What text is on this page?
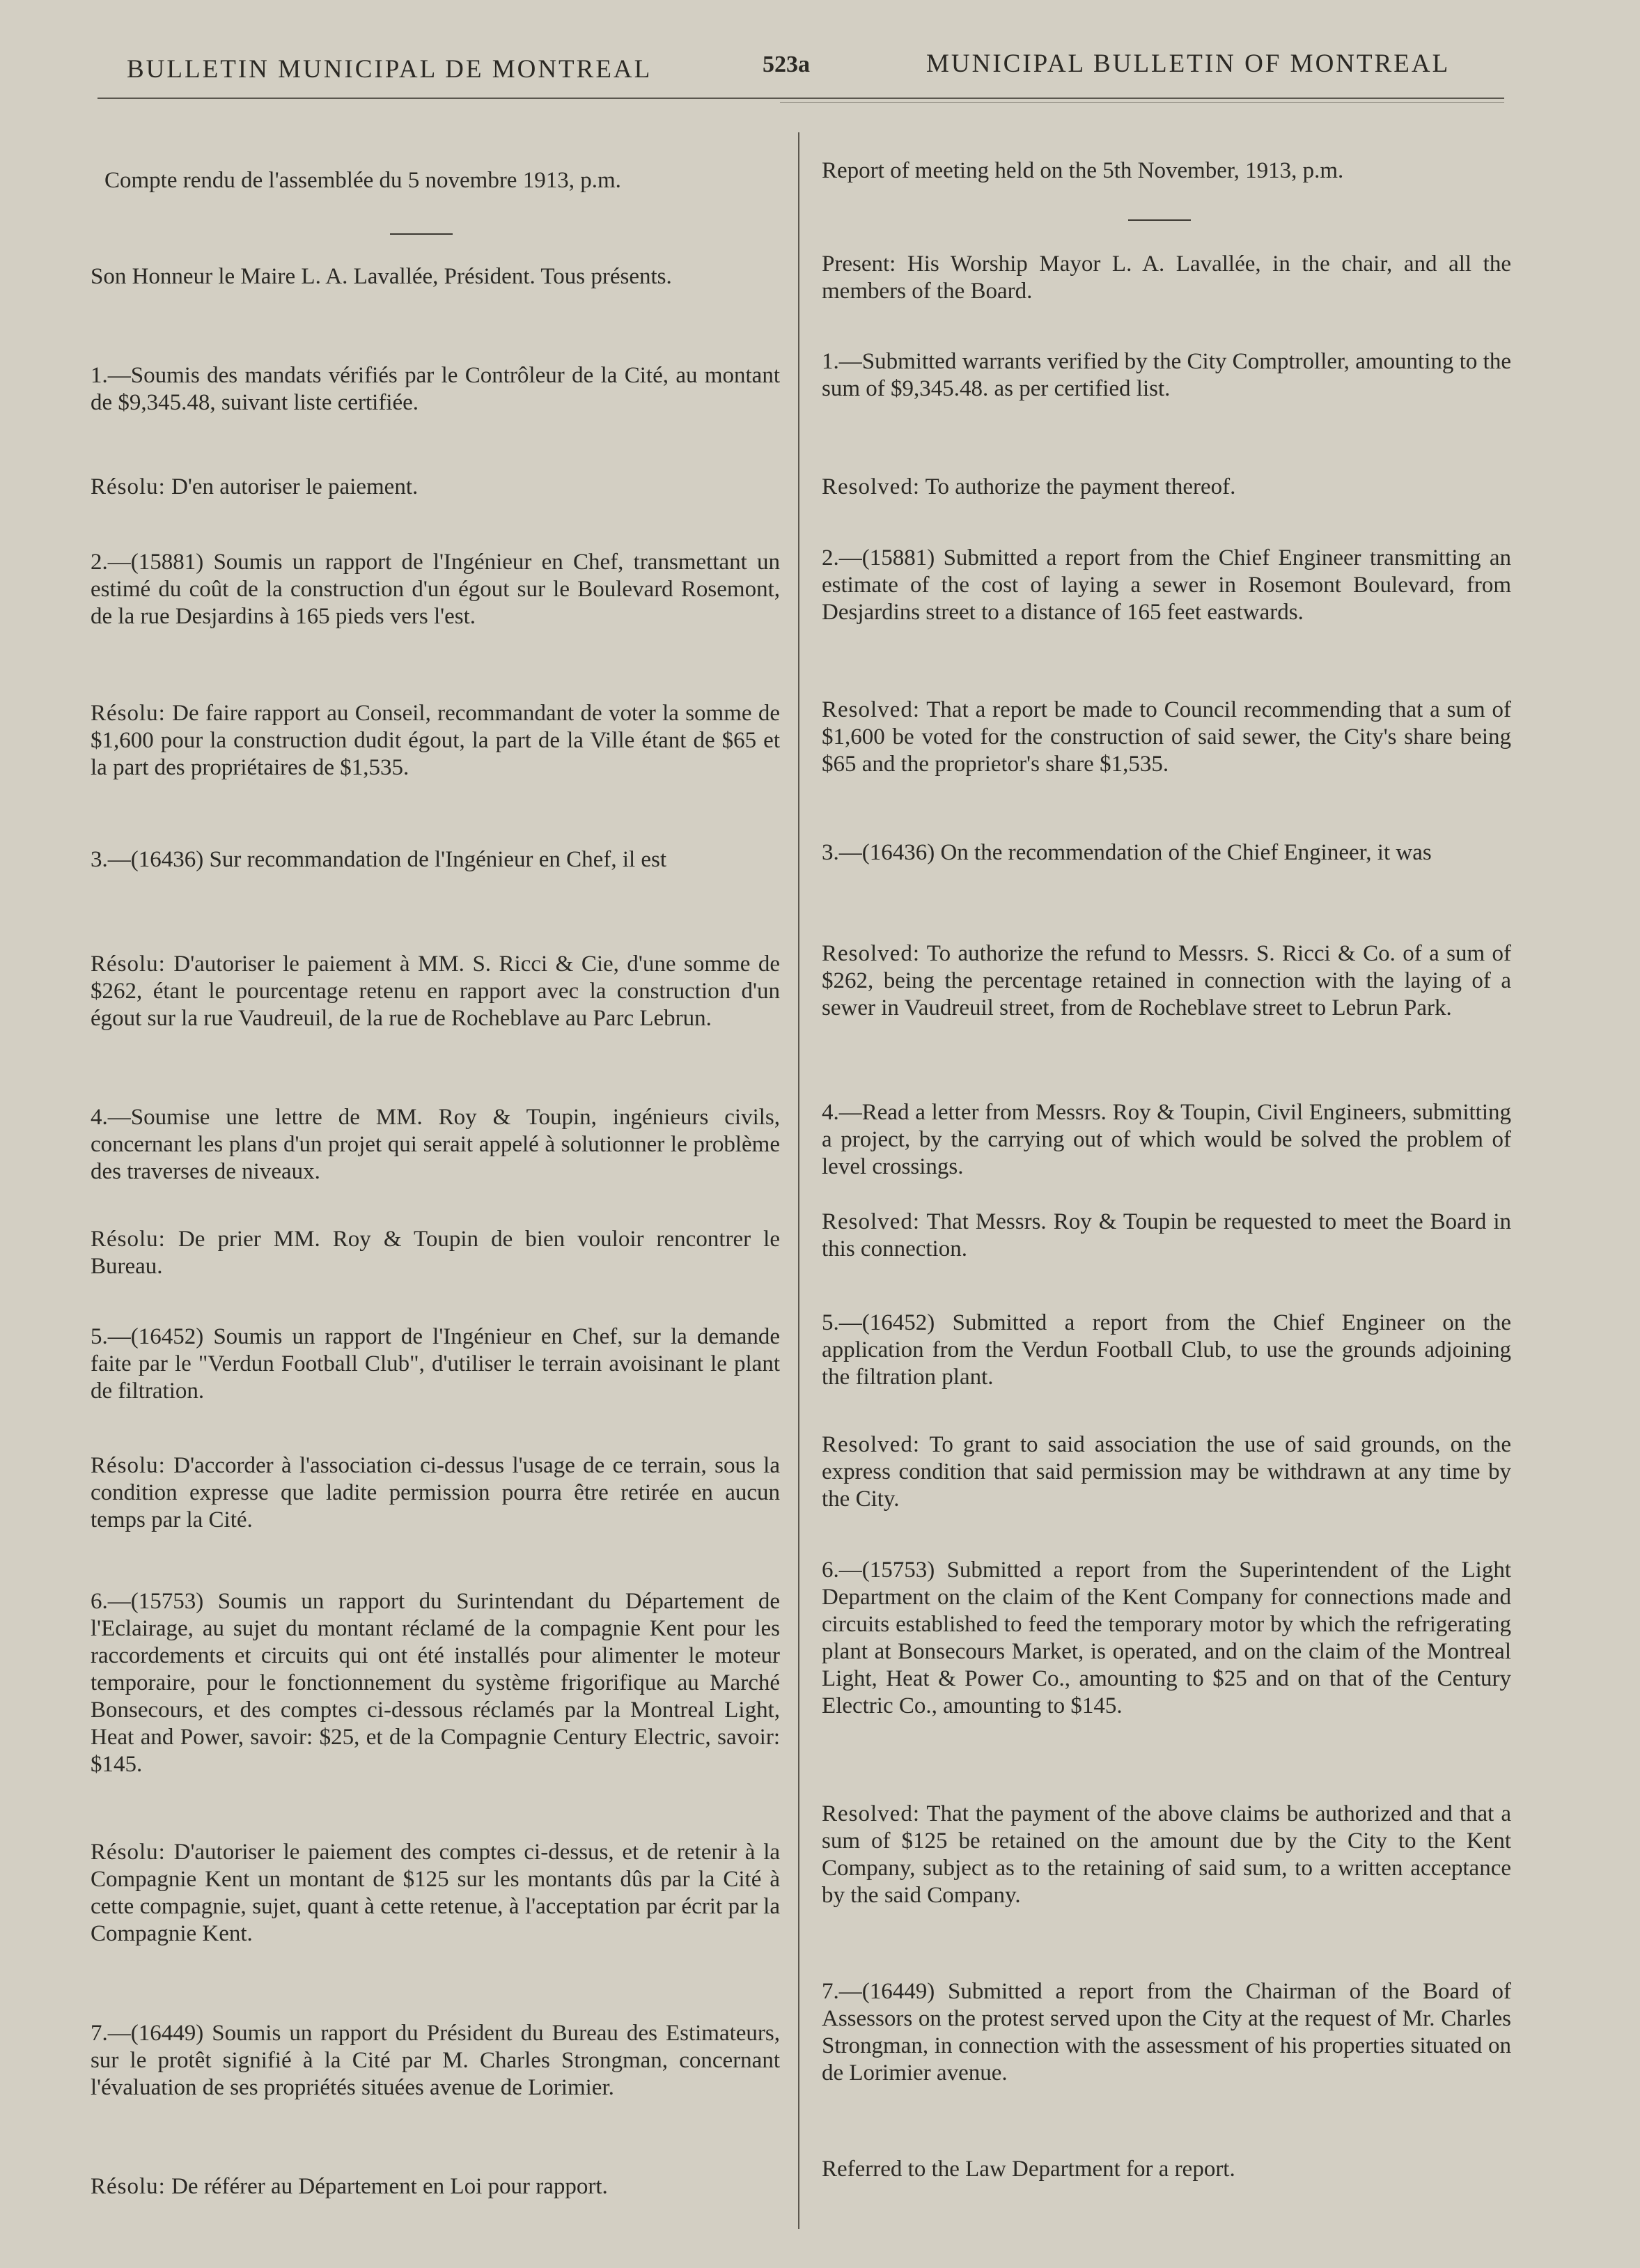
BULLETIN MUNICIPAL DE MONTREAL	523a	MUNICIPAL BULLETIN OF MONTREAL
Compte rendu de l'assemblée du 5 novembre 1913, p.m.
Son Honneur le Maire L. A. Lavallée, Président. Tous présents.
1.—Soumis des mandats vérifiés par le Contrôleur de la Cité, au montant de $9,345.48, suivant liste certifiée.
Résolu: D'en autoriser le paiement.
2.—(15881) Soumis un rapport de l'Ingénieur en Chef, transmettant un estimé du coût de la construction d'un égout sur le Boulevard Rosemont, de la rue Desjardins à 165 pieds vers l'est.
Résolu: De faire rapport au Conseil, recommandant de voter la somme de $1,600 pour la construction dudit égout, la part de la Ville étant de $65 et la part des propriétaires de $1,535.
3.—(16436) Sur recommandation de l'Ingénieur en Chef, il est
Résolu: D'autoriser le paiement à MM. S. Ricci & Cie, d'une somme de $262, étant le pourcentage retenu en rapport avec la construction d'un égout sur la rue Vaudreuil, de la rue de Rocheblave au Parc Lebrun.
4.—Soumise une lettre de MM. Roy & Toupin, ingénieurs civils, concernant les plans d'un projet qui serait appelé à solutionner le problème des traverses de niveaux.
Résolu: De prier MM. Roy & Toupin de bien vouloir rencontrer le Bureau.
5.—(16452) Soumis un rapport de l'Ingénieur en Chef, sur la demande faite par le "Verdun Football Club", d'utiliser le terrain avoisinant le plant de filtration.
Résolu: D'accorder à l'association ci-dessus l'usage de ce terrain, sous la condition expresse que ladite permission pourra être retirée en aucun temps par la Cité.
6.—(15753) Soumis un rapport du Surintendant du Département de l'Eclairage, au sujet du montant réclamé de la compagnie Kent pour les raccordements et circuits qui ont été installés pour alimenter le moteur temporaire, pour le fonctionnement du système frigorifique au Marché Bonsecours, et des comptes ci-dessous réclamés par la Montreal Light, Heat and Power, savoir: $25, et de la Compagnie Century Electric, savoir: $145.
Résolu: D'autoriser le paiement des comptes ci-dessus, et de retenir à la Compagnie Kent un montant de $125 sur les montants dûs par la Cité à cette compagnie, sujet, quant à cette retenue, à l'acceptation par écrit par la Compagnie Kent.
7.—(16449) Soumis un rapport du Président du Bureau des Estimateurs, sur le protêt signifié à la Cité par M. Charles Strongman, concernant l'évaluation de ses propriétés situées avenue de Lorimier.
Résolu: De référer au Département en Loi pour rapport.
Report of meeting held on the 5th November, 1913, p.m.
Present: His Worship Mayor L. A. Lavallée, in the chair, and all the members of the Board.
1.—Submitted warrants verified by the City Comptroller, amounting to the sum of $9,345.48. as per certified list.
Resolved: To authorize the payment thereof.
2.—(15881) Submitted a report from the Chief Engineer transmitting an estimate of the cost of laying a sewer in Rosemont Boulevard, from Desjardins street to a distance of 165 feet eastwards.
Resolved: That a report be made to Council recommending that a sum of $1,600 be voted for the construction of said sewer, the City's share being $65 and the proprietor's share $1,535.
3.—(16436) On the recommendation of the Chief Engineer, it was
Resolved: To authorize the refund to Messrs. S. Ricci & Co. of a sum of $262, being the percentage retained in connection with the laying of a sewer in Vaudreuil street, from de Rocheblave street to Lebrun Park.
4.—Read a letter from Messrs. Roy & Toupin, Civil Engineers, submitting a project, by the carrying out of which would be solved the problem of level crossings.
Resolved: That Messrs. Roy & Toupin be requested to meet the Board in this connection.
5.—(16452) Submitted a report from the Chief Engineer on the application from the Verdun Football Club, to use the grounds adjoining the filtration plant.
Resolved: To grant to said association the use of said grounds, on the express condition that said permission may be withdrawn at any time by the City.
6.—(15753) Submitted a report from the Superintendent of the Light Department on the claim of the Kent Company for connections made and circuits established to feed the temporary motor by which the refrigerating plant at Bonsecours Market, is operated, and on the claim of the Montreal Light, Heat & Power Co., amounting to $25 and on that of the Century Electric Co., amounting to $145.
Resolved: That the payment of the above claims be authorized and that a sum of $125 be retained on the amount due by the City to the Kent Company, subject as to the retaining of said sum, to a written acceptance by the said Company.
7.—(16449) Submitted a report from the Chairman of the Board of Assessors on the protest served upon the City at the request of Mr. Charles Strongman, in connection with the assessment of his properties situated on de Lorimier avenue.
Referred to the Law Department for a report.
